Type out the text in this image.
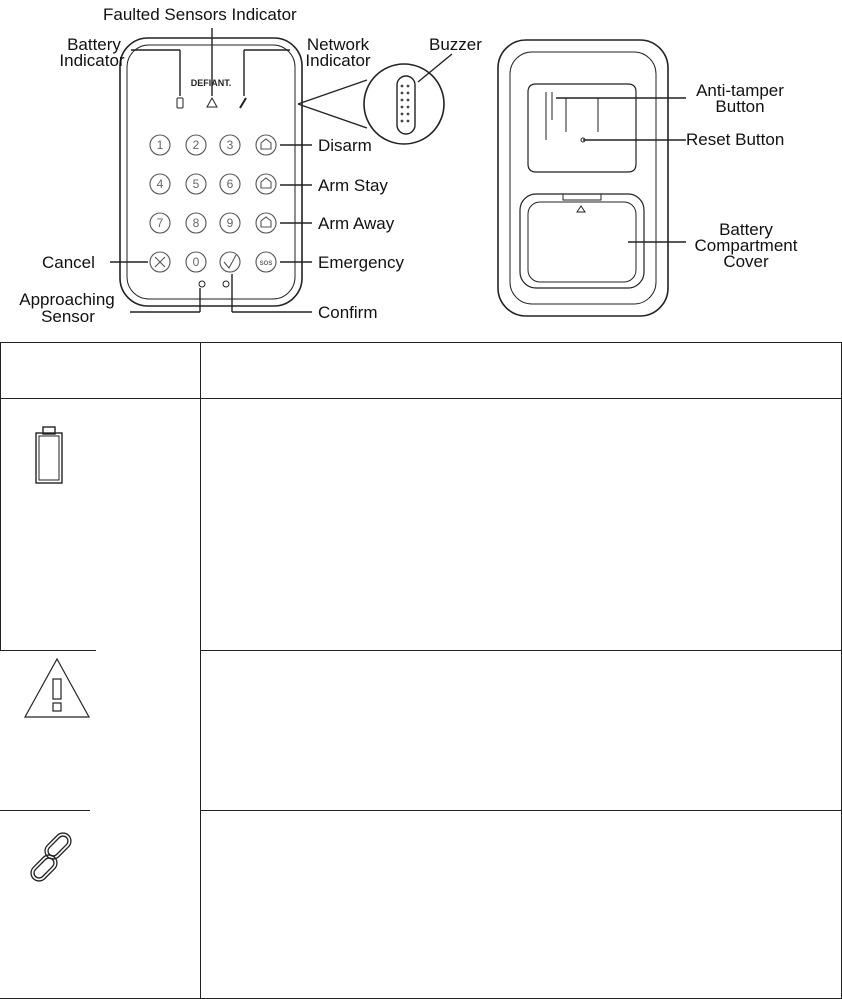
1 2 3
4 5 6
7 8 9
0	SOS
DEFIANT.
Faulted Sensors Indicator
Battery
Indicator
Network
Indicator
Buzzer
Disarm
Arm Stay
Arm Away
Emergency
Cancel
Confirm
Approaching
Sensor
Anti-tamper
Button
Reset Button
Battery
Compartment
Cover
